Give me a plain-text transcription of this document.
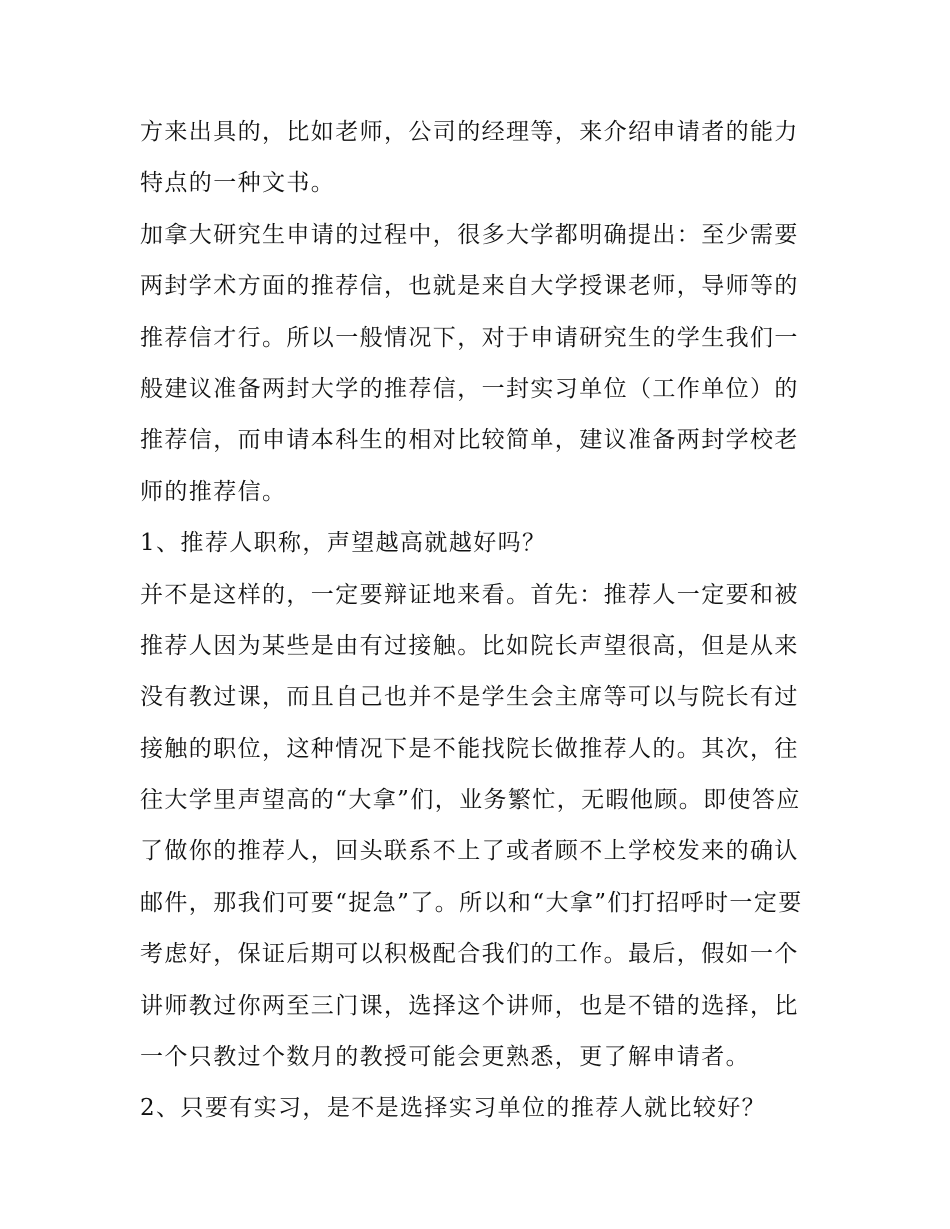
方来出具的，比如老师，公司的经理等，来介绍申请者的能力
特点的一种文书。
加拿大研究生申请的过程中，很多大学都明确提出：至少需要
两封学术方面的推荐信，也就是来自大学授课老师，导师等的
推荐信才行。所以一般情况下，对于申请研究生的学生我们一
般建议准备两封大学的推荐信，一封实习单位（工作单位）的
推荐信，而申请本科生的相对比较简单，建议准备两封学校老
师的推荐信。
1、推荐人职称，声望越高就越好吗？
并不是这样的，一定要辩证地来看。首先：推荐人一定要和被
推荐人因为某些是由有过接触。比如院长声望很高，但是从来
没有教过课，而且自己也并不是学生会主席等可以与院长有过
接触的职位，这种情况下是不能找院长做推荐人的。其次，往
往大学里声望高的“大拿”们，业务繁忙，无暇他顾。即使答应
了做你的推荐人，回头联系不上了或者顾不上学校发来的确认
邮件，那我们可要“捉急”了。所以和“大拿”们打招呼时一定要
考虑好，保证后期可以积极配合我们的工作。最后，假如一个
讲师教过你两至三门课，选择这个讲师，也是不错的选择，比
一个只教过个数月的教授可能会更熟悉，更了解申请者。
2、只要有实习，是不是选择实习单位的推荐人就比较好？
